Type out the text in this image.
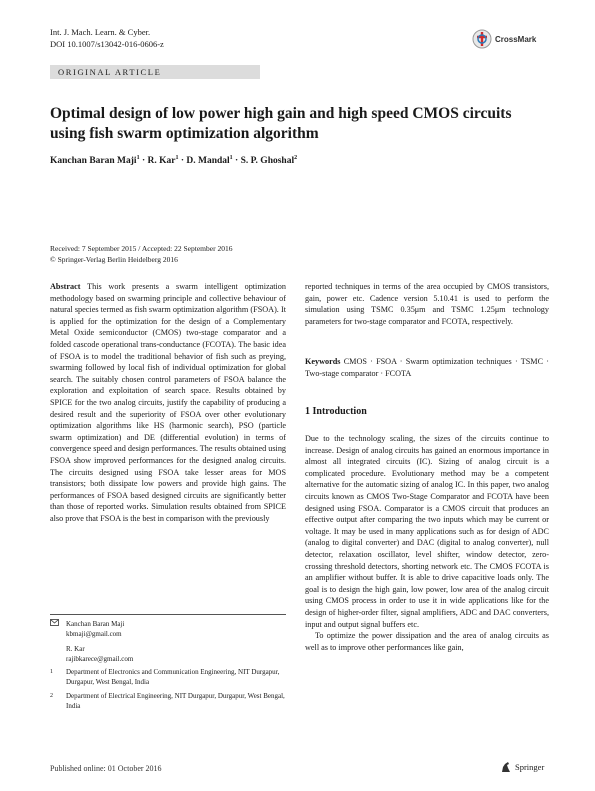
Int. J. Mach. Learn. & Cyber.
DOI 10.1007/s13042-016-0606-z	CrossMark
ORIGINAL ARTICLE
Optimal design of low power high gain and high speed CMOS circuits using fish swarm optimization algorithm
Kanchan Baran Maji$^1$ · R. Kar$^1$ · D. Mandal$^1$ · S. P. Ghoshal$^2$
Received: 7 September 2015 / Accepted: 22 September 2016
© Springer-Verlag Berlin Heidelberg 2016
Abstract This work presents a swarm intelligent optimization methodology based on swarming principle and collective behaviour of natural species termed as fish swarm optimization algorithm (FSOA). It is applied for the optimization for the design of a Complementary Metal Oxide semiconductor (CMOS) two-stage comparator and a folded cascode operational trans-conductance (FCOTA). The basic idea of FSOA is to model the traditional behavior of fish such as preying, swarming followed by local fish of individual optimization for global search. The suitably chosen control parameters of FSOA balance the exploration and exploitation of search space. Results obtained by SPICE for the two analog circuits, justify the capability of producing a desired result and the superiority of FSOA over other evolutionary optimization algorithms like HS (harmonic search), PSO (particle swarm optimization) and DE (differential evolution) in terms of convergence speed and design performances. The results obtained using FSOA show improved performances for the designed analog circuits. The circuits designed using FSOA take lesser areas for MOS transistors; both dissipate low powers and provide high gains. The performances of FSOA based designed circuits are significantly better than those of reported works. Simulation results obtained from SPICE also prove that FSOA is the best in comparison with the previously
reported techniques in terms of the area occupied by CMOS transistors, gain, power etc. Cadence version 5.10.41 is used to perform the simulation using TSMC 0.35μm and TSMC 1.25μm technology parameters for two-stage comparator and FCOTA, respectively.
Keywords CMOS · FSOA · Swarm optimization techniques · TSMC · Two-stage comparator · FCOTA
1 Introduction

Due to the technology scaling, the sizes of the circuits continue to increase. Design of analog circuits has gained an enormous importance in almost all integrated circuits (IC). Sizing of analog circuit is a complicated procedure. Evolutionary method may be a competent alternative for the automatic sizing of analog IC. In this paper, two analog circuits known as CMOS Two-Stage Comparator and FCOTA have been designed using FSOA. Comparator is a CMOS circuit that produces an effective output after comparing the two inputs which may be current or voltage. It may be used in many applications such as for design of ADC (analog to digital converter) and DAC (digital to analog converter), null detector, relaxation oscillator, level shifter, window detector, zero-crossing threshold detectors, shorting network etc. The CMOS FCOTA is an amplifier without buffer. It is able to drive capacitive loads only. The goal is to design the high gain, low power, low area of the analog circuit using CMOS process in order to use it in wide applications like for the design of higher-order filter, signal amplifiers, ADC and DAC converters, input and output signal buffers etc.

To optimize the power dissipation and the area of analog circuits as well as to improve other performances like gain,

Kanchan Baran Maji
kbmaji@gmail.com
R. Kar
rajibkarece@gmail.com
1	Department of Electronics and Communication Engineering, NIT Durgapur, Durgapur, West Bengal, India
2	Department of Electrical Engineering, NIT Durgapur, Durgapur, West Bengal, India
Published online: 01 October 2016	Springer
